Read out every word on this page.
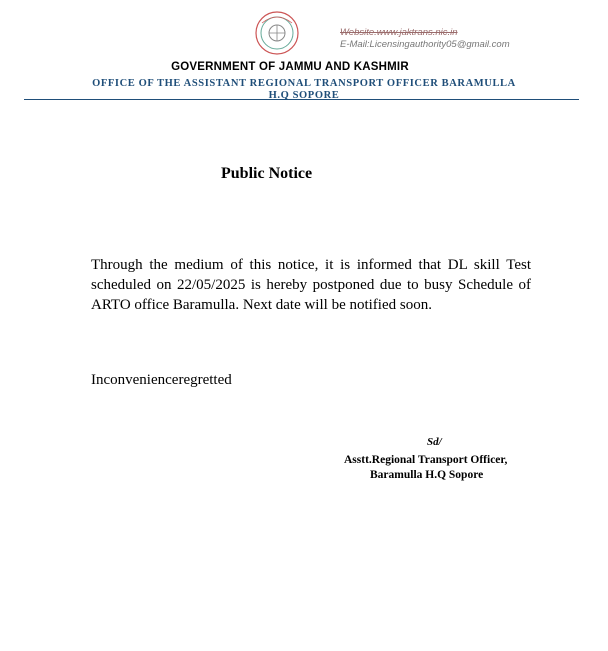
Website.www.jaktrans.nic.in
E-Mail:Licensingauthority05@gmail.com
GOVERNMENT OF JAMMU AND KASHMIR
OFFICE OF THE ASSISTANT REGIONAL TRANSPORT OFFICER BARAMULLA
H.Q SOPORE
Public Notice
Through the medium of this notice, it is informed that DL skill Test scheduled on 22/05/2025 is hereby postponed due to busy Schedule of ARTO office Baramulla. Next date will be notified soon.
Inconvenienceregretted
Sd/
Asstt.Regional Transport Officer,
Baramulla H.Q Sopore
